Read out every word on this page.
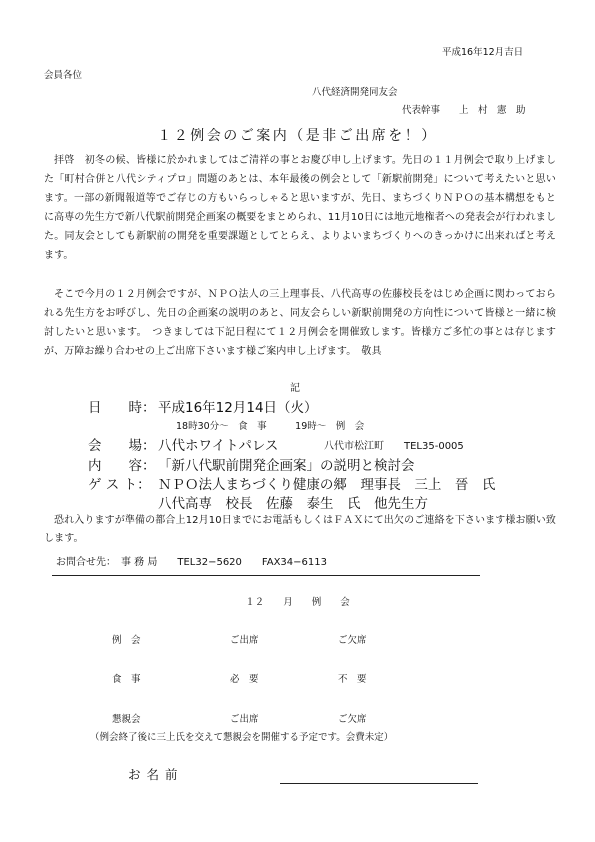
平成16年12月吉日
会員各位
八代経済開発同友会
代表幹事　　上　村　憲　助
１２例会のご案内（是非ご出席を！）
拝啓　初冬の候、皆様に於かれましてはご清祥の事とお慶び申し上げます。先日の１１月例会で取り上げました「町村合併と八代シティプロ」問題のあとは、本年最後の例会として「新駅前開発」について考えたいと思います。一部の新聞報道等でご存じの方もいらっしゃると思いますが、先日、まちづくりＮＰＯの基本構想をもとに高専の先生方で新八代駅前開発企画案の概要をまとめられ、11月10日には地元地権者への発表会が行われました。同友会としても新駅前の開発を重要課題としてとらえ、よりよいまちづくりへのきっかけに出来ればと考えます。
そこで今月の１２月例会ですが、ＮＰＯ法人の三上理事長、八代高専の佐藤校長をはじめ企画に関わっておられる先生方をお呼びし、先日の企画案の説明のあと、同友会らしい新駅前開発の方向性について皆様と一緒に検討したいと思います。　つきましては下記日程にて１２月例会を開催致します。皆様方ご多忙の事とは存じますが、万障お繰り合わせの上ご出席下さいます様ご案内申し上げます。　敬具
記
日　　時： 平成16年12月14日（火）
18時30分～　食　事　　　19時～　例　会
会　　場： 八代ホワイトパレス	八代市松江町　　TEL35-0005
内　　容： 「新八代駅前開発企画案」の説明と検討会
ゲ ス ト： ＮＰＯ法人まちづくり健康の郷　理事長　三上　晉　氏
八代高専　校長　佐藤　泰生　氏　他先生方
恐れ入りますが準備の都合上12月10日までにお電話もしくはＦＡＸにて出欠のご連絡を下さいます様お願い致します。
お問合せ先：　事 務 局　　TEL32−5620　　FAX34−6113
１２　　月　　例　　会
例　会	ご出席	ご欠席
食　事	必　要	不　要
懇親会	ご出席	ご欠席
（例会終了後に三上氏を交えて懇親会を開催する予定です。会費未定）
お 名 前
